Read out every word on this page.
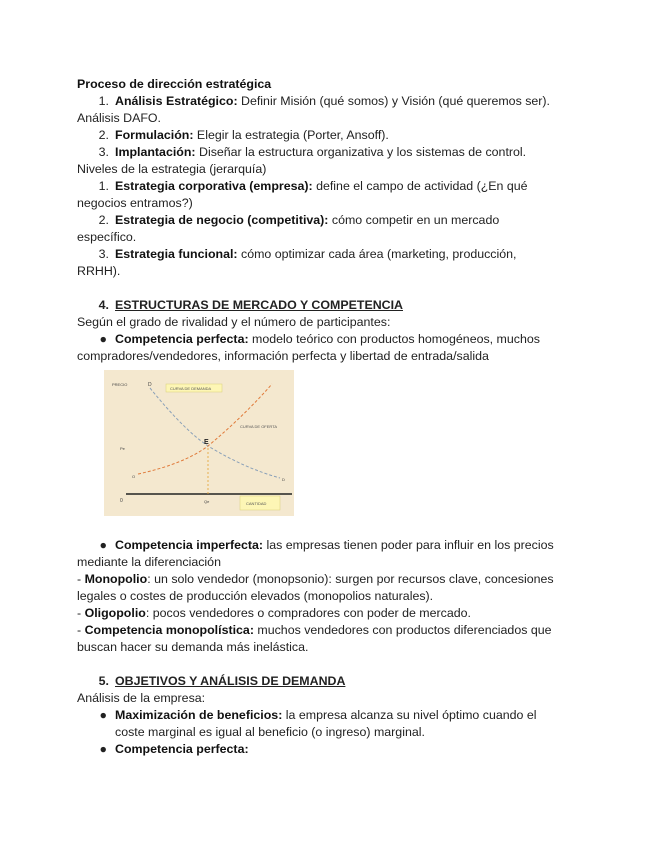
Proceso de dirección estratégica
1. Análisis Estratégico: Definir Misión (qué somos) y Visión (qué queremos ser).
Análisis DAFO.
2. Formulación: Elegir la estrategia (Porter, Ansoff).
3. Implantación: Diseñar la estructura organizativa y los sistemas de control.
Niveles de la estrategia (jerarquía)
1. Estrategia corporativa (empresa): define el campo de actividad (¿En qué
negocios entramos?)
2. Estrategia de negocio (competitiva): cómo competir en un mercado
específico.
3. Estrategia funcional: cómo optimizar cada área (marketing, producción,
RRHH).
4. ESTRUCTURAS DE MERCADO Y COMPETENCIA
Según el grado de rivalidad y el número de participantes:
● Competencia perfecta: modelo teórico con productos homogéneos, muchos
compradores/vendedores, información perfecta y libertad de entrada/salida
● Competencia imperfecta: las empresas tienen poder para influir en los precios
mediante la diferenciación
- Monopolio: un solo vendedor (monopsonio): surgen por recursos clave, concesiones
legales o costes de producción elevados (monopolios naturales).
- Oligopolio: pocos vendedores o compradores con poder de mercado.
- Competencia monopolística: muchos vendedores con productos diferenciados que
buscan hacer su demanda más inelástica.
5. OBJETIVOS Y ANÁLISIS DE DEMANDA
Análisis de la empresa:
● Maximización de beneficios: la empresa alcanza su nivel óptimo cuando el
coste marginal es igual al beneficio (o ingreso) marginal.
● Competencia perfecta:
PRECIO
0
D
CURVA DE DEMANDA
CURVA DE OFERTA
E
Pe
O
D
Qe	CANTIDAD
